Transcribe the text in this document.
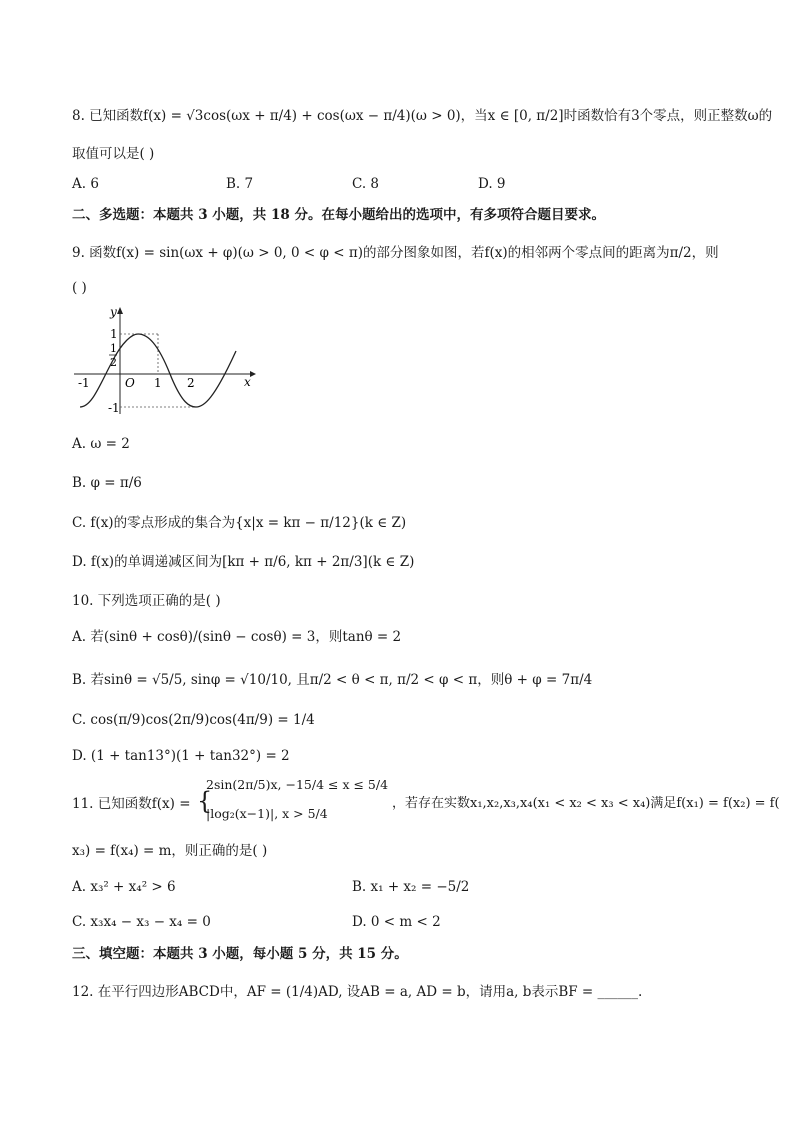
8. 已知函数f(x) = √3cos(ωx + π/4) + cos(ωx − π/4)(ω > 0)，当x ∈ [0, π/2]时函数恰有3个零点，则正整数ω的
取值可以是( )
A. 6	B. 7	C. 8	D. 9
二、多选题：本题共 3 小题，共 18 分。在每小题给出的选项中，有多项符合题目要求。
9. 函数f(x) = sin(ωx + φ)(ω > 0, 0 < φ < π)的部分图象如图，若f(x)的相邻两个零点间的距离为π/2，则
( )
y
x
1
1
2
-1
-1	O 1 2
A. ω = 2
B. φ = π/6
C. f(x)的零点形成的集合为{x|x = kπ − π/12}(k ∈ Z)
D. f(x)的单调递减区间为[kπ + π/6, kπ + 2π/3](k ∈ Z)
10. 下列选项正确的是( )
A. 若(sinθ + cosθ)/(sinθ − cosθ) = 3，则tanθ = 2
B. 若sinθ = √5/5, sinφ = √10/10, 且π/2 < θ < π, π/2 < φ < π，则θ + φ = 7π/4
C. cos(π/9)cos(2π/9)cos(4π/9) = 1/4
D. (1 + tan13°)(1 + tan32°) = 2
11. 已知函数f(x) = {
2sin(2π/5)x, −15/4 ≤ x ≤ 5/4
|log₂(x−1)|, x > 5/4
，若存在实数x₁,x₂,x₃,x₄(x₁ < x₂ < x₃ < x₄)满足f(x₁) = f(x₂) = f(
x₃) = f(x₄) = m，则正确的是( )
A. x₃² + x₄² > 6	B. x₁ + x₂ = −5/2
C. x₃x₄ − x₃ − x₄ = 0	D. 0 < m < 2
三、填空题：本题共 3 小题，每小题 5 分，共 15 分。
12. 在平行四边形ABCD中，AF = (1/4)AD, 设AB = a, AD = b，请用a, b表示BF = ______.
